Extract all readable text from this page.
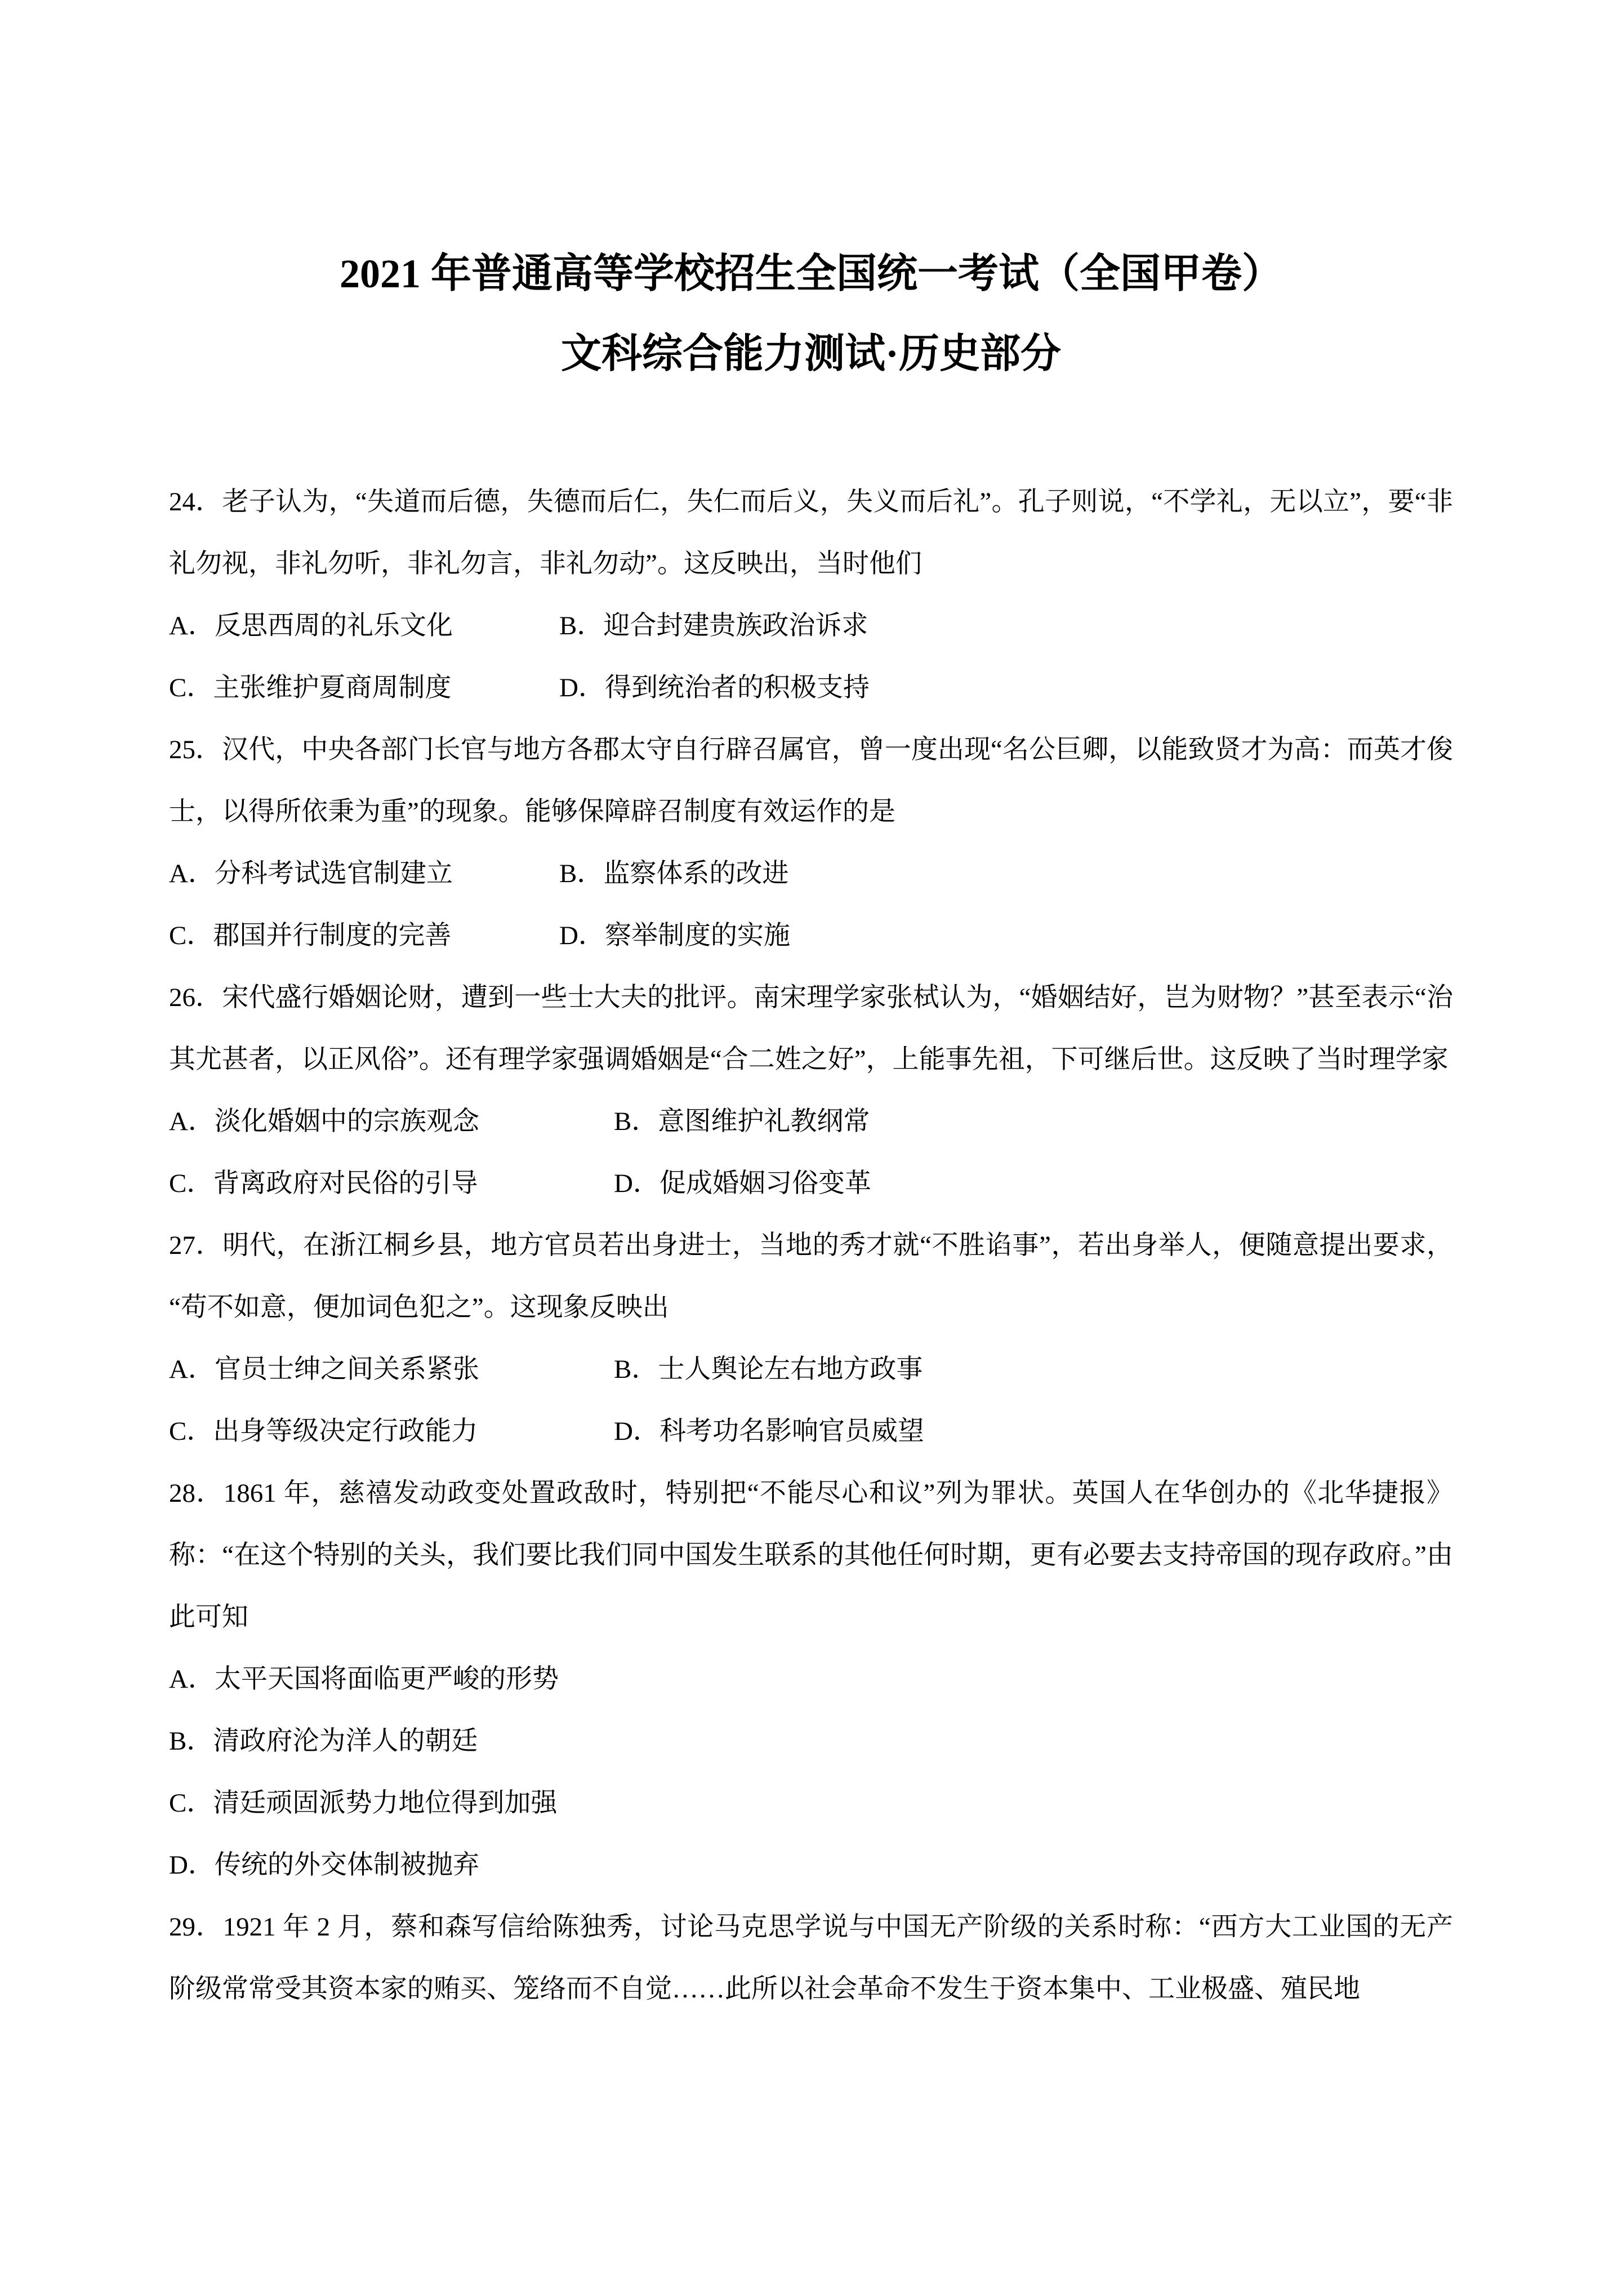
2021 年普通高等学校招生全国统一考试（全国甲卷）
文科综合能力测试·历史部分

24．老子认为，“失道而后德，失德而后仁，失仁而后义，失义而后礼”。孔子则说，“不学礼，无以立”，要“非礼勿视，非礼勿听，非礼勿言，非礼勿动”。这反映出，当时他们

A．反思西周的礼乐文化	B．迎合封建贵族政治诉求
C．主张维护夏商周制度	D．得到统治者的积极支持

25．汉代，中央各部门长官与地方各郡太守自行辟召属官，曾一度出现“名公巨卿，以能致贤才为高：而英才俊士，以得所依秉为重”的现象。能够保障辟召制度有效运作的是

A．分科考试选官制建立	B．监察体系的改进
C．郡国并行制度的完善	D．察举制度的实施

26．宋代盛行婚姻论财，遭到一些士大夫的批评。南宋理学家张栻认为，“婚姻结好，岂为财物？”甚至表示“治其尤甚者，以正风俗”。还有理学家强调婚姻是“合二姓之好”，上能事先祖，下可继后世。这反映了当时理学家

A．淡化婚姻中的宗族观念	B．意图维护礼教纲常
C．背离政府对民俗的引导	D．促成婚姻习俗变革

27．明代，在浙江桐乡县，地方官员若出身进士，当地的秀才就“不胜谄事”，若出身举人，便随意提出要求，“苟不如意，便加词色犯之”。这现象反映出

A．官员士绅之间关系紧张	B．士人舆论左右地方政事
C．出身等级决定行政能力	D．科考功名影响官员威望

28．1861 年，慈禧发动政变处置政敌时，特别把“不能尽心和议”列为罪状。英国人在华创办的《北华捷报》称：“在这个特别的关头，我们要比我们同中国发生联系的其他任何时期，更有必要去支持帝国的现存政府。”由此可知

A．太平天国将面临更严峻的形势
B．清政府沦为洋人的朝廷
C．清廷顽固派势力地位得到加强
D．传统的外交体制被抛弃

29．1921 年 2 月，蔡和森写信给陈独秀，讨论马克思学说与中国无产阶级的关系时称：“西方大工业国的无产阶级常常受其资本家的贿买、笼络而不自觉……此所以社会革命不发生于资本集中、工业极盛、殖民地
